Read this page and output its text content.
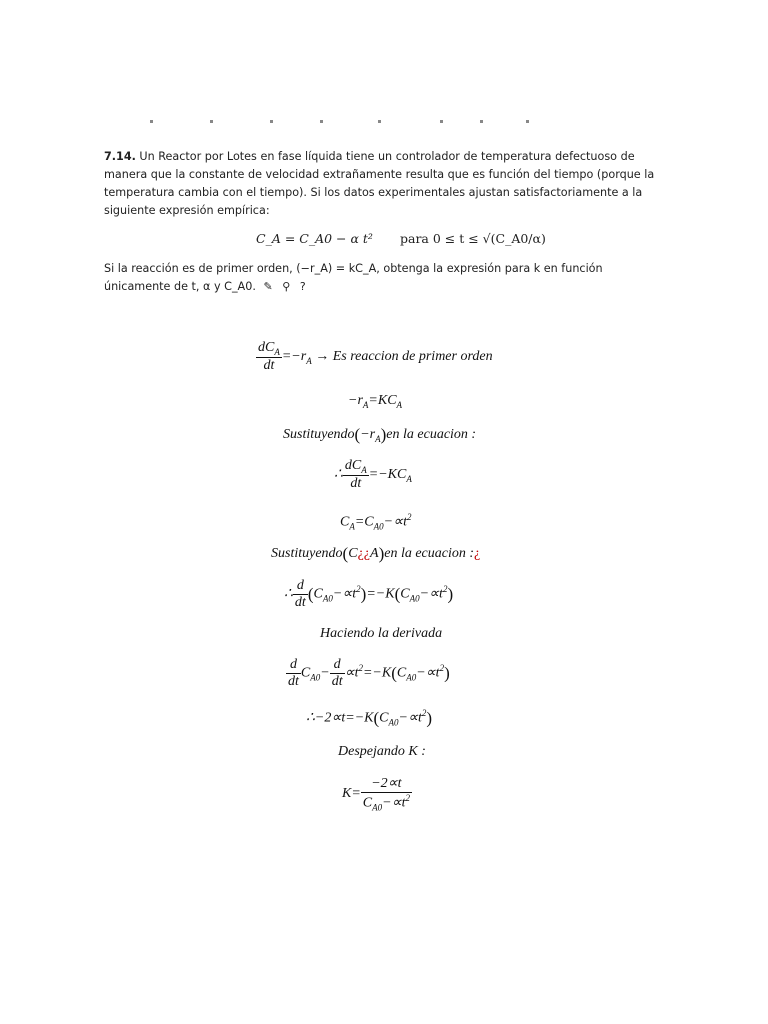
7.14. Un Reactor por Lotes en fase líquida tiene un controlador de temperatura defectuoso de manera que la constante de velocidad extrañamente resulta que es función del tiempo (porque la temperatura cambia con el tiempo). Si los datos experimentales ajustan satisfactoriamente a la siguiente expresión empírica:
C_A = C_A0 − α t² para 0 ≤ t ≤ √(C_A0/α)
Si la reacción es de primer orden, (−r_A) = kC_A, obtenga la expresión para k en función únicamente de t, α y C_A0. ✎ ⚲ ?
$\frac{dC_A}{dt} =-r_A \to Es$ reaccion de primer orden
$-r_A=KC_A$
$Sustituyendo(-r_A)en$ la ecuacion :
∴ $\frac{dC_A}{dt} =-KC_A$
$C_A=C_{A0}-\propto t^2$
Sustituyendo(C¿¿A)en la ecuacion :¿
∴ $\frac{d}{dt} (C_{A0}-\propto t^2)=-K(C_{A0}-\propto t^2)$
Haciendo la derivada
$\frac{d}{dt} C_{A0}- \frac{d}{dt} \propto t^2=-K(C_{A0}-\propto t^2)$
$\therefore-2\propto t=-K(C_{A0}-\propto t^2)$
Despejando K :
$K= \frac{-2\propto t}{C_{A0}-\propto t^2}$
